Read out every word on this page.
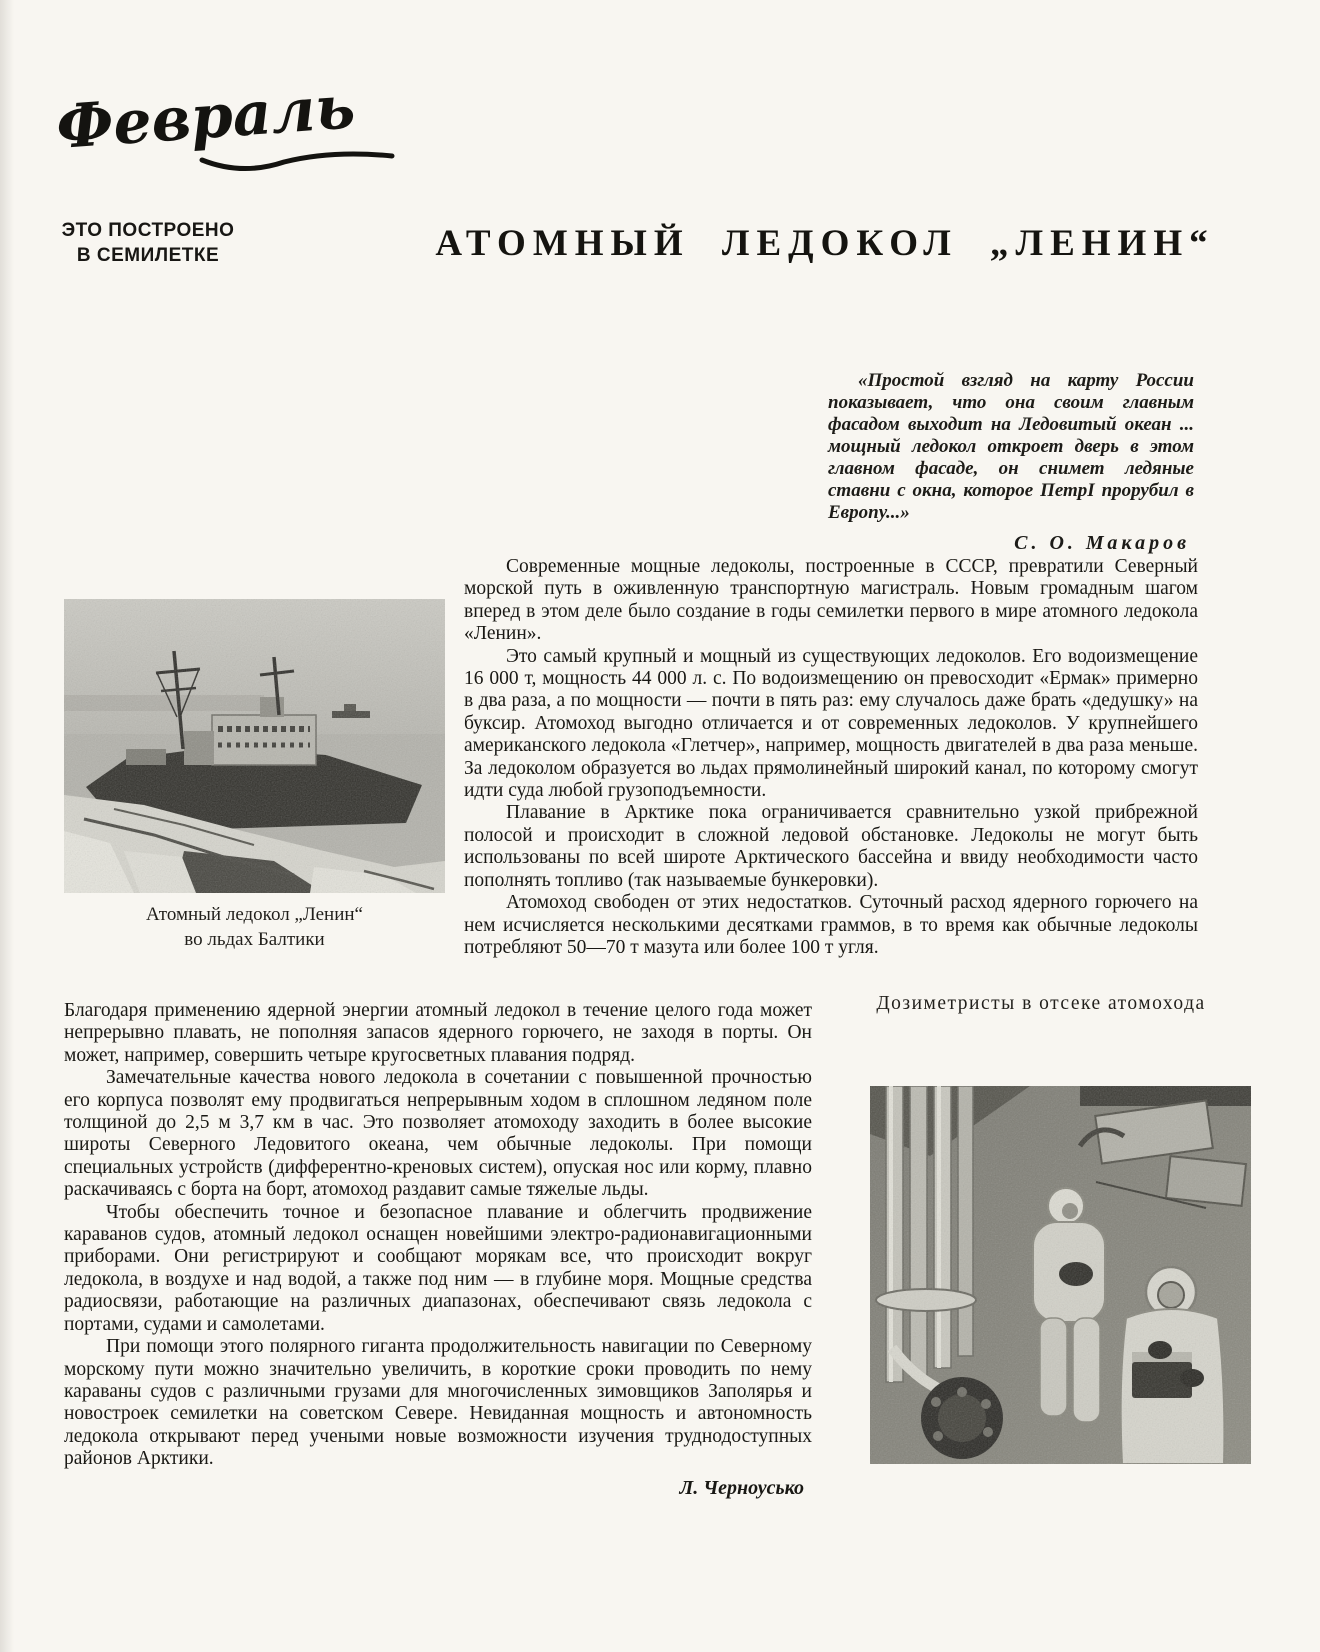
Февраль
ЭТО ПОСТРОЕНО
В СЕМИЛЕТКЕ	АТОМНЫЙ ЛЕДОКОЛ „ЛЕНИН“

«Простой взгляд на карту России показывает, что она своим главным фасадом выходит на Ледовитый океан ... мощный ледокол откроет дверь в этом главном фасаде, он снимет ледяные ставни с окна, которое ПетрI прорубил в Европу...»

С. О. Макаров
Атомный ледокол „Ленин“
во льдах Балтики

Современные мощные ледоколы, построенные в СССР, превратили Северный морской путь в оживленную транспортную магистраль. Новым громадным шагом вперед в этом деле было создание в годы семилетки первого в мире атомного ледокола «Ленин».

Это самый крупный и мощный из существующих ледоколов. Его водоизмещение 16 000 т, мощность 44 000 л. с. По водоизмещению он превосходит «Ермак» примерно в два раза, а по мощности — почти в пять раз: ему случалось даже брать «дедушку» на буксир. Атомоход выгодно отличается и от современных ледоколов. У крупнейшего американского ледокола «Глетчер», например, мощность двигателей в два раза меньше. За ледоколом образуется во льдах прямолинейный широкий канал, по которому смогут идти суда любой грузоподъемности.

Плавание в Арктике пока ограничивается сравнительно узкой прибрежной полосой и происходит в сложной ледовой обстановке. Ледоколы не могут быть использованы по всей широте Арктического бассейна и ввиду необходимости часто пополнять топливо (так называемые бункеровки).

Атомоход свободен от этих недостатков. Суточный расход ядерного горючего на нем исчисляется несколькими десятками граммов, в то время как обычные ледоколы потребляют 50—70 т мазута или более 100 т угля.

Дозиметристы в отсеке атомохода

Благодаря применению ядерной энергии атомный ледокол в течение целого года может непрерывно плавать, не пополняя запасов ядерного горючего, не заходя в порты. Он может, например, совершить четыре кругосветных плавания подряд.

Замечательные качества нового ледокола в сочетании с повышенной прочностью его корпуса позволят ему продвигаться непрерывным ходом в сплошном ледяном поле толщиной до 2,5 м 3,7 км в час. Это позволяет атомоходу заходить в более высокие широты Северного Ледовитого океана, чем обычные ледоколы. При помощи специальных устройств (дифферентно-креновых систем), опуская нос или корму, плавно раскачиваясь с борта на борт, атомоход раздавит самые тяжелые льды.

Чтобы обеспечить точное и безопасное плавание и облегчить продвижение караванов судов, атомный ледокол оснащен новейшими электро-радионавигационными приборами. Они регистрируют и сообщают морякам все, что происходит вокруг ледокола, в воздухе и над водой, а также под ним — в глубине моря. Мощные средства радиосвязи, работающие на различных диапазонах, обеспечивают связь ледокола с портами, судами и самолетами.

При помощи этого полярного гиганта продолжительность навигации по Северному морскому пути можно значительно увеличить, в короткие сроки проводить по нему караваны судов с различными грузами для многочисленных зимовщиков Заполярья и новостроек семилетки на советском Севере. Невиданная мощность и автономность ледокола открывают перед учеными новые возможности изучения труднодоступных районов Арктики.

Л. Черноусько
